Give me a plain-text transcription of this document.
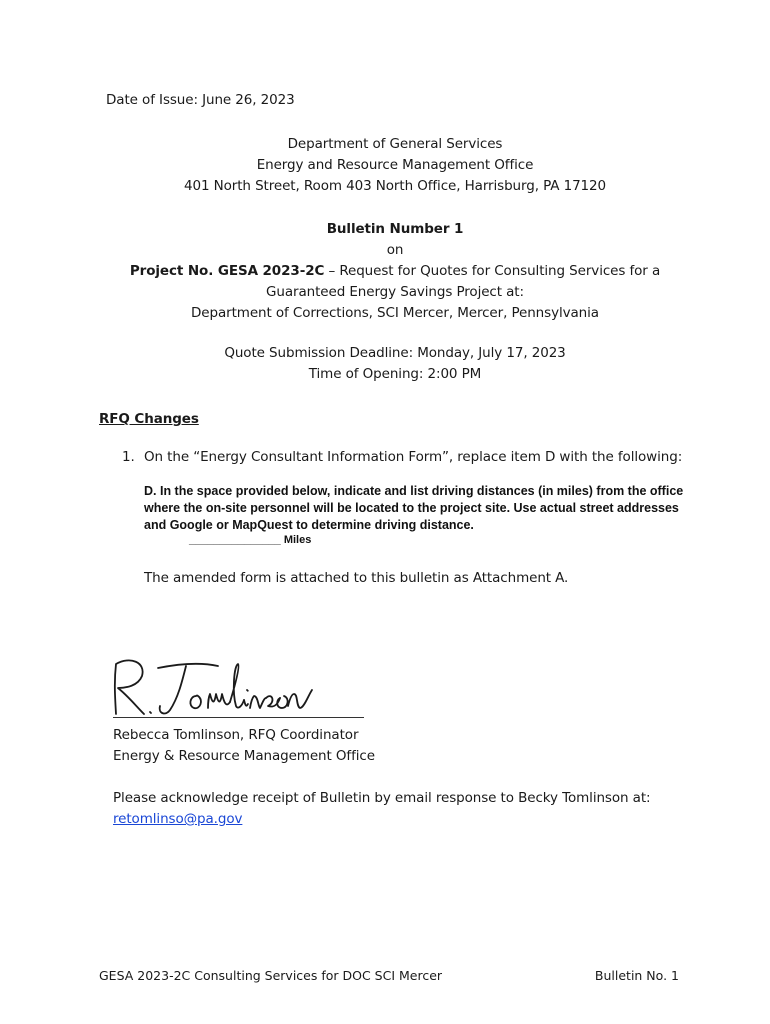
Date of Issue: June 26, 2023
Department of General Services
Energy and Resource Management Office
401 North Street, Room 403 North Office, Harrisburg, PA 17120
Bulletin Number 1
on
Project No. GESA 2023-2C – Request for Quotes for Consulting Services for a
Guaranteed Energy Savings Project at:
Department of Corrections, SCI Mercer, Mercer, Pennsylvania
Quote Submission Deadline: Monday, July 17, 2023
Time of Opening: 2:00 PM
RFQ Changes
1. On the “Energy Consultant Information Form”, replace item D with the following:
D. In the space provided below, indicate and list driving distances (in miles) from the office where the on-site personnel will be located to the project site. Use actual street addresses and Google or MapQuest to determine driving distance.
_______________ Miles
The amended form is attached to this bulletin as Attachment A.
Rebecca Tomlinson, RFQ Coordinator
Energy & Resource Management Office
Please acknowledge receipt of Bulletin by email response to Becky Tomlinson at:
retomlinso@pa.gov
GESA 2023-2C Consulting Services for DOC SCI Mercer	Bulletin No. 1
